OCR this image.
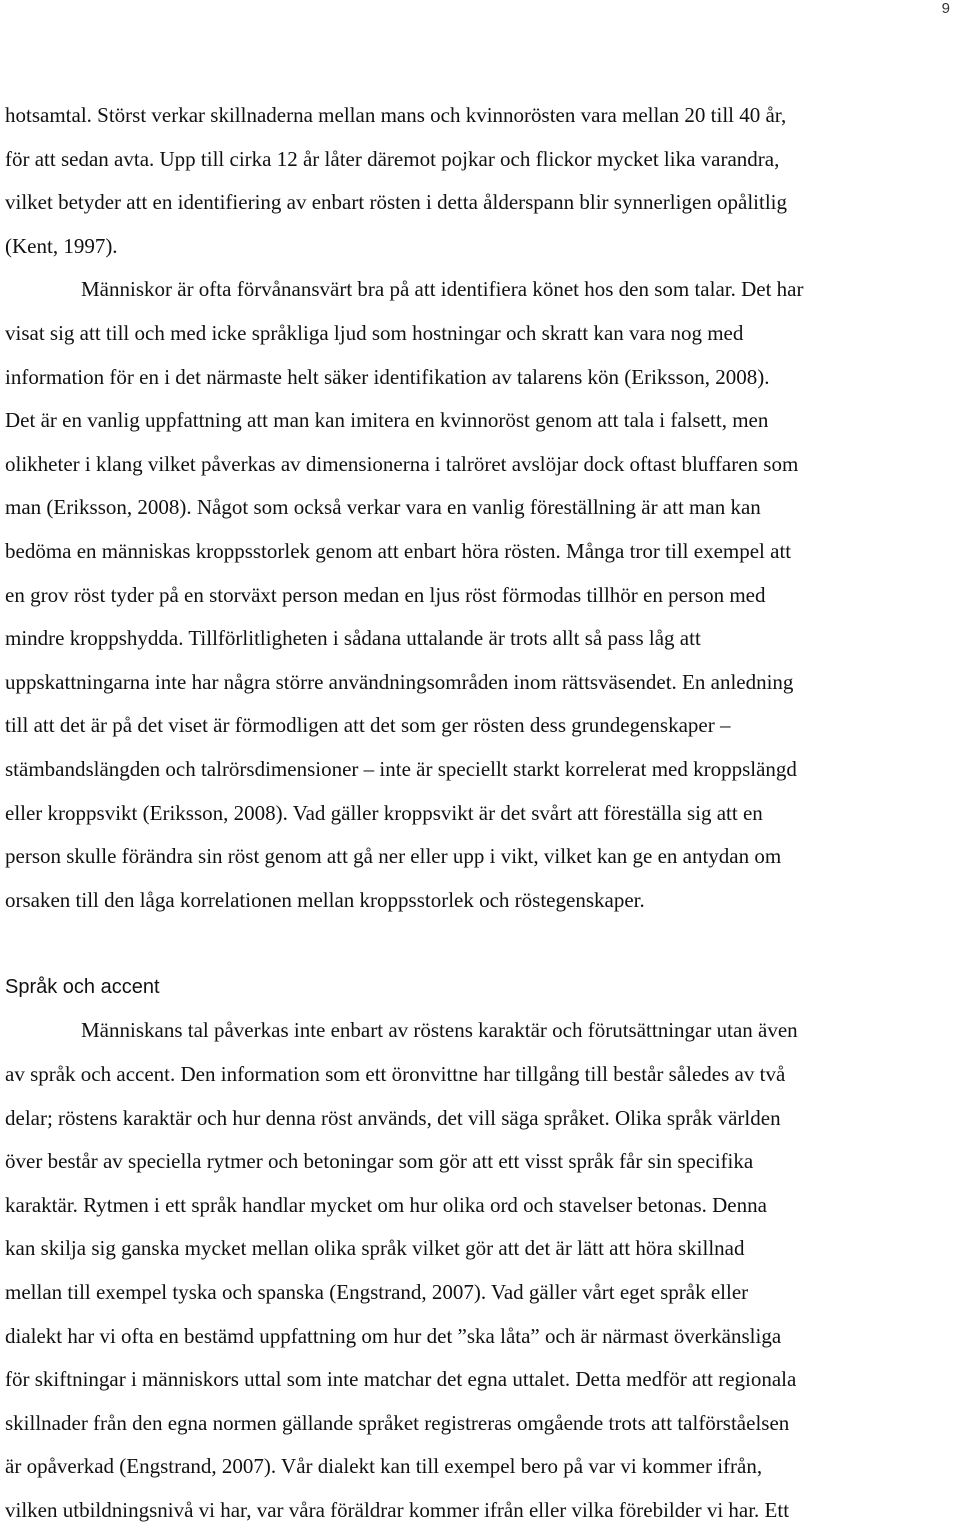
9
hotsamtal. Störst verkar skillnaderna mellan mans och kvinnorösten vara mellan 20 till 40 år,
för att sedan avta. Upp till cirka 12 år låter däremot pojkar och flickor mycket lika varandra,
vilket betyder att en identifiering av enbart rösten i detta ålderspann blir synnerligen opålitlig
(Kent, 1997).
Människor är ofta förvånansvärt bra på att identifiera könet hos den som talar. Det har
visat sig att till och med icke språkliga ljud som hostningar och skratt kan vara nog med
information för en i det närmaste helt säker identifikation av talarens kön (Eriksson, 2008).
Det är en vanlig uppfattning att man kan imitera en kvinnoröst genom att tala i falsett, men
olikheter i klang vilket påverkas av dimensionerna i talröret avslöjar dock oftast bluffaren som
man (Eriksson, 2008). Något som också verkar vara en vanlig föreställning är att man kan
bedöma en människas kroppsstorlek genom att enbart höra rösten. Många tror till exempel att
en grov röst tyder på en storväxt person medan en ljus röst förmodas tillhör en person med
mindre kroppshydda. Tillförlitligheten i sådana uttalande är trots allt så pass låg att
uppskattningarna inte har några större användningsområden inom rättsväsendet. En anledning
till att det är på det viset är förmodligen att det som ger rösten dess grundegenskaper –
stämbandslängden och talrörsdimensioner – inte är speciellt starkt korrelerat med kroppslängd
eller kroppsvikt (Eriksson, 2008). Vad gäller kroppsvikt är det svårt att föreställa sig att en
person skulle förändra sin röst genom att gå ner eller upp i vikt, vilket kan ge en antydan om
orsaken till den låga korrelationen mellan kroppsstorlek och röstegenskaper.
Språk och accent
Människans tal påverkas inte enbart av röstens karaktär och förutsättningar utan även
av språk och accent. Den information som ett öronvittne har tillgång till består således av två
delar; röstens karaktär och hur denna röst används, det vill säga språket. Olika språk världen
över består av speciella rytmer och betoningar som gör att ett visst språk får sin specifika
karaktär. Rytmen i ett språk handlar mycket om hur olika ord och stavelser betonas. Denna
kan skilja sig ganska mycket mellan olika språk vilket gör att det är lätt att höra skillnad
mellan till exempel tyska och spanska (Engstrand, 2007). Vad gäller vårt eget språk eller
dialekt har vi ofta en bestämd uppfattning om hur det ”ska låta” och är närmast överkänsliga
för skiftningar i människors uttal som inte matchar det egna uttalet. Detta medför att regionala
skillnader från den egna normen gällande språket registreras omgående trots att talförståelsen
är opåverkad (Engstrand, 2007). Vår dialekt kan till exempel bero på var vi kommer ifrån,
vilken utbildningsnivå vi har, var våra föräldrar kommer ifrån eller vilka förebilder vi har. Ett
